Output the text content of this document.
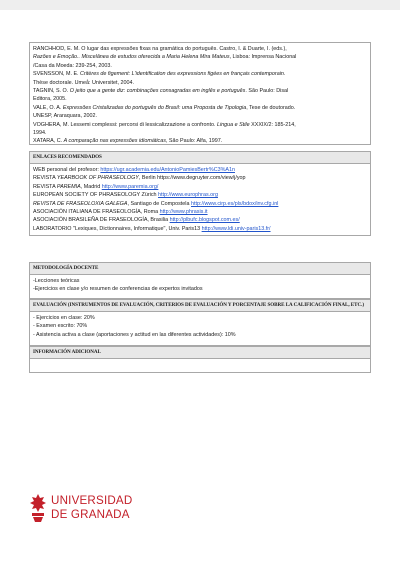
RANCHHOD, E. M. O lugar das expressões fixas na gramática do português. Castro, I. & Duarte, I. (eds.),

Razões e Emoção.. Miscelânea de estudos oferecida a Maria Helena Mira Mateus, Lisboa: Imprensa Nacional

/Casa da Moeda: 239-254, 2003.

SVENSSON, M. E. Critères de figement: L'identification des expressions figées en français contemporain.

Thèse doctorale. Umeå: Universitet, 2004.

TAGNIN, S. O. O jeito que a gente diz: combinações consagradas em inglês e português. São Paulo: Disal

Editora, 2005.

VALE, O. A. Expressões Cristalizadas do português do Brasil: uma Proposta de Tipologia, Tese de doutorado.

UNESP, Araraquara, 2002.

VOGHERA, M. Lessemi complessi: percorsi di lessicalizzazione a confronto. Lingua e Stile XXXIX/2: 185-214,

1994.

XATARA, C. A comparação nas expressões idiomáticas, São Paulo: Alfa, 1997.

ENLACES RECOMENDADOS

WEB personal del profesor: https://ugr.academia.edu/AntonioPamiesBertr%C3%A1n

REVISTA YEARBOOK OF PHRASEOLOGY, Berlin https://www.degruyter.com/view/j/yop

REVISTA PAREMIA, Madrid http://www.paremia.org/

EUROPEAN SOCIETY OF PHRASEOLOGY Zürich http://www.europhras.org

REVISTA DE FRASEOLOXIA GALEGA, Santiago de Compostela http://www.cirp.es/pls/bdox/inv.cfg.inl

ASOCIACIÓN ITALIANA DE FRASEOLOGÍA, Roma http://www.phrasis.it

ASOCIACIÓN BRASILEÑA DE FRASEOLOGÍA, Brasilia http://plbufc.blogspot.com.es/

LABORATORIO "Lexiques, Dictionnaires, Informatique", Univ. Paris13 http://www.ldi.univ-paris13.fr/

METODOLOGÍA DOCENTE

-Lecciones teóricas

-Ejercicios en clase y/o resumen de conferencias de expertos invitados

EVALUACIÓN (INSTRUMENTOS DE EVALUACIÓN, CRITERIOS DE EVALUACIÓN Y PORCENTAJE SOBRE LA CALIFICACIÓN FINAL, ETC.)

- Ejercicios en clase: 20%

- Examen escrito: 70%

- Asistencia activa a clase (aportaciones y actitud en las diferentes actividades): 10%

INFORMACIÓN ADICIONAL
UNIVERSIDAD
DE GRANADA
